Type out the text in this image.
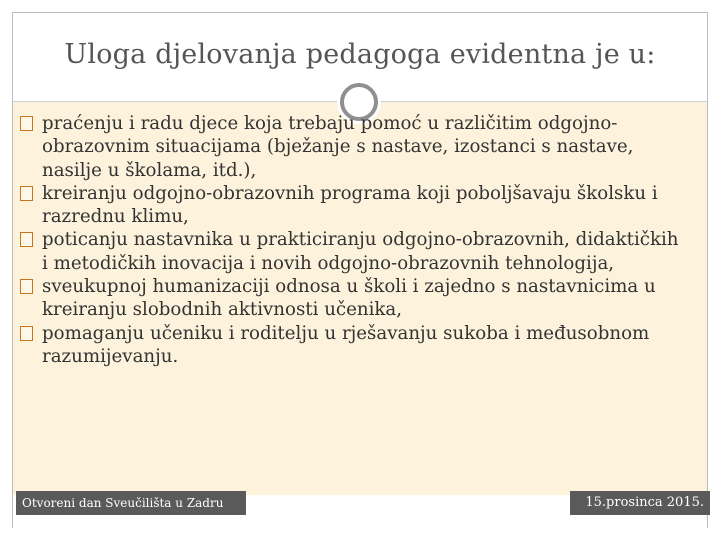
Uloga djelovanja pedagoga evidentna je u:
praćenju i radu djece koja trebaju pomoć u različitim odgojno-obrazovnim situacijama (bježanje s nastave, izostanci s nastave, nasilje u školama, itd.),
kreiranju odgojno-obrazovnih programa koji poboljšavaju školsku i razrednu klimu,
poticanju nastavnika u prakticiranju odgojno-obrazovnih, didaktičkih i metodičkih inovacija i novih odgojno-obrazovnih tehnologija,
sveukupnoj humanizaciji odnosa u školi i zajedno s nastavnicima u kreiranju slobodnih aktivnosti učenika,
pomaganju učeniku i roditelju u rješavanju sukoba i međusobnom razumijevanju.
Otvoreni dan Sveučilišta u Zadru	15.prosinca 2015.
